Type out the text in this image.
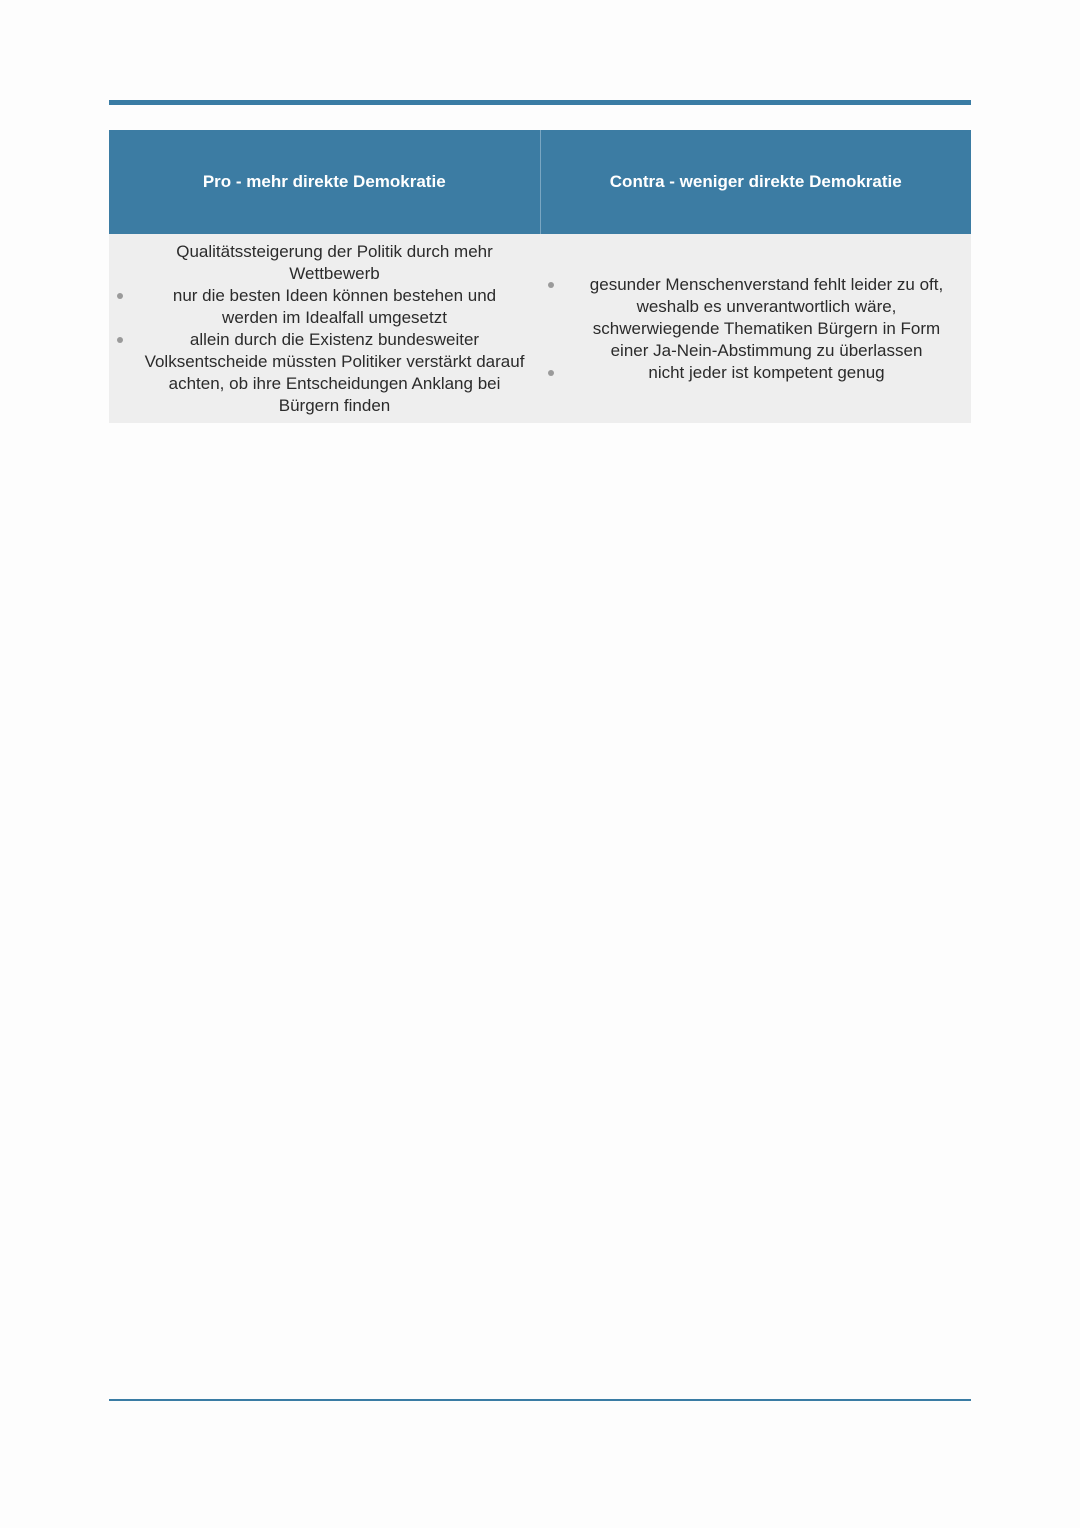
Pro - mehr direkte Demokratie	Contra - weniger direkte Demokratie
Qualitätssteigerung der Politik durch mehr
Wettbewerb
nur die besten Ideen können bestehen und
werden im Idealfall umgesetzt
allein durch die Existenz bundesweiter
Volksentscheide müssten Politiker verstärkt darauf
achten, ob ihre Entscheidungen Anklang bei
Bürgern finden
gesunder Menschenverstand fehlt leider zu oft,
weshalb es unverantwortlich wäre,
schwerwiegende Thematiken Bürgern in Form
einer Ja-Nein-Abstimmung zu überlassen
nicht jeder ist kompetent genug
